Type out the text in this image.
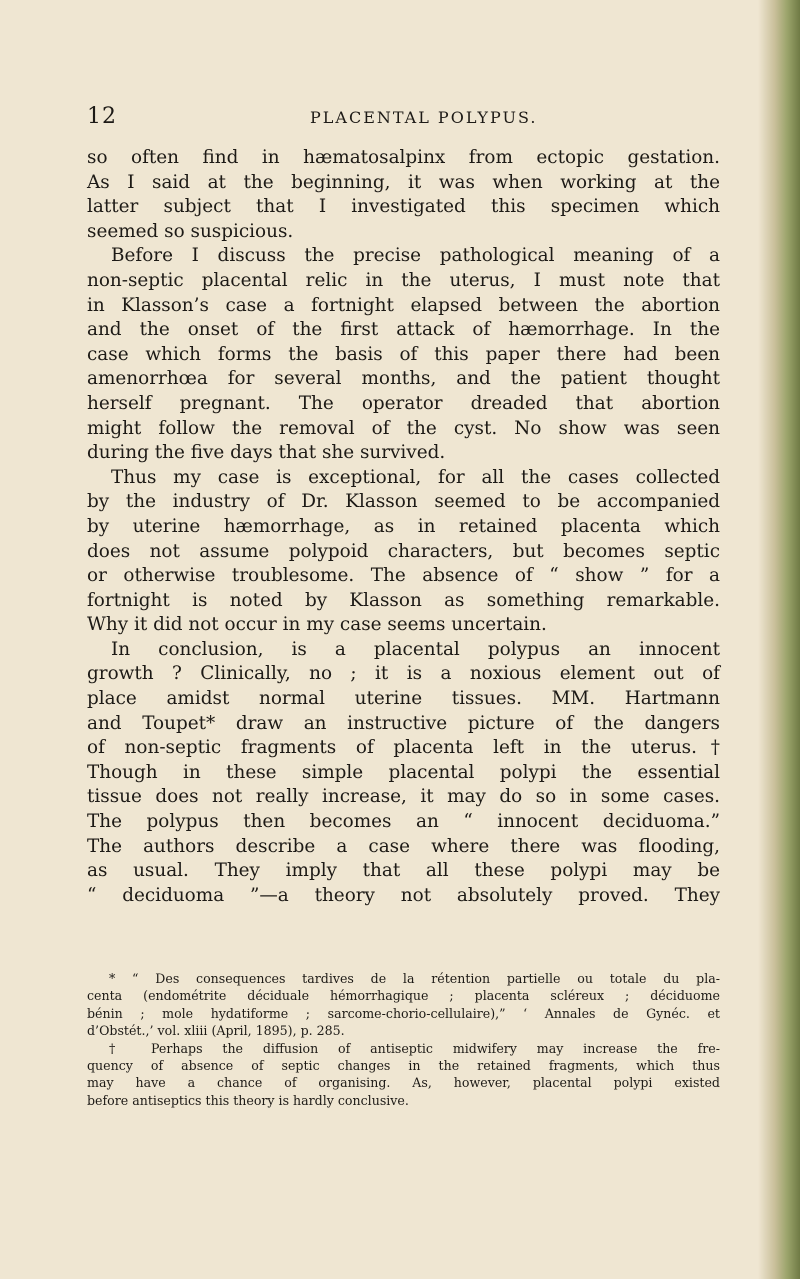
12	PLACENTAL POLYPUS.
so often find in hæmatosalpinx from ectopic gestation.
As I said at the beginning, it was when working at the
latter subject that I investigated this specimen which
seemed so suspicious.
Before I discuss the precise pathological meaning of a
non-septic placental relic in the uterus, I must note that
in Klasson’s case a fortnight elapsed between the abortion
and the onset of the first attack of hæmorrhage. In the
case which forms the basis of this paper there had been
amenorrhœa for several months, and the patient thought
herself pregnant. The operator dreaded that abortion
might follow the removal of the cyst. No show was seen
during the five days that she survived.
Thus my case is exceptional, for all the cases collected
by the industry of Dr. Klasson seemed to be accompanied
by uterine hæmorrhage, as in retained placenta which
does not assume polypoid characters, but becomes septic
or otherwise troublesome. The absence of “ show ” for a
fortnight is noted by Klasson as something remarkable.
Why it did not occur in my case seems uncertain.
In conclusion, is a placental polypus an innocent
growth ? Clinically, no ; it is a noxious element out of
place amidst normal uterine tissues. MM. Hartmann
and Toupet* draw an instructive picture of the dangers
of non-septic fragments of placenta left in the uterus.†
Though in these simple placental polypi the essential
tissue does not really increase, it may do so in some cases.
The polypus then becomes an “ innocent deciduoma.”
The authors describe a case where there was flooding,
as usual. They imply that all these polypi may be
“ deciduoma ”—a theory not absolutely proved. They
* “ Des consequences tardives de la rétention partielle ou totale du pla-
centa (endométrite déciduale hémorrhagique ; placenta scléreux ; déciduome
bénin ; mole hydatiforme ; sarcome-chorio-cellulaire),” ‘ Annales de Gynéc. et
d’Obstét.,’ vol. xliii (April, 1895), p. 285.
† Perhaps the diffusion of antiseptic midwifery may increase the fre-
quency of absence of septic changes in the retained fragments, which thus
may have a chance of organising. As, however, placental polypi existed
before antiseptics this theory is hardly conclusive.
